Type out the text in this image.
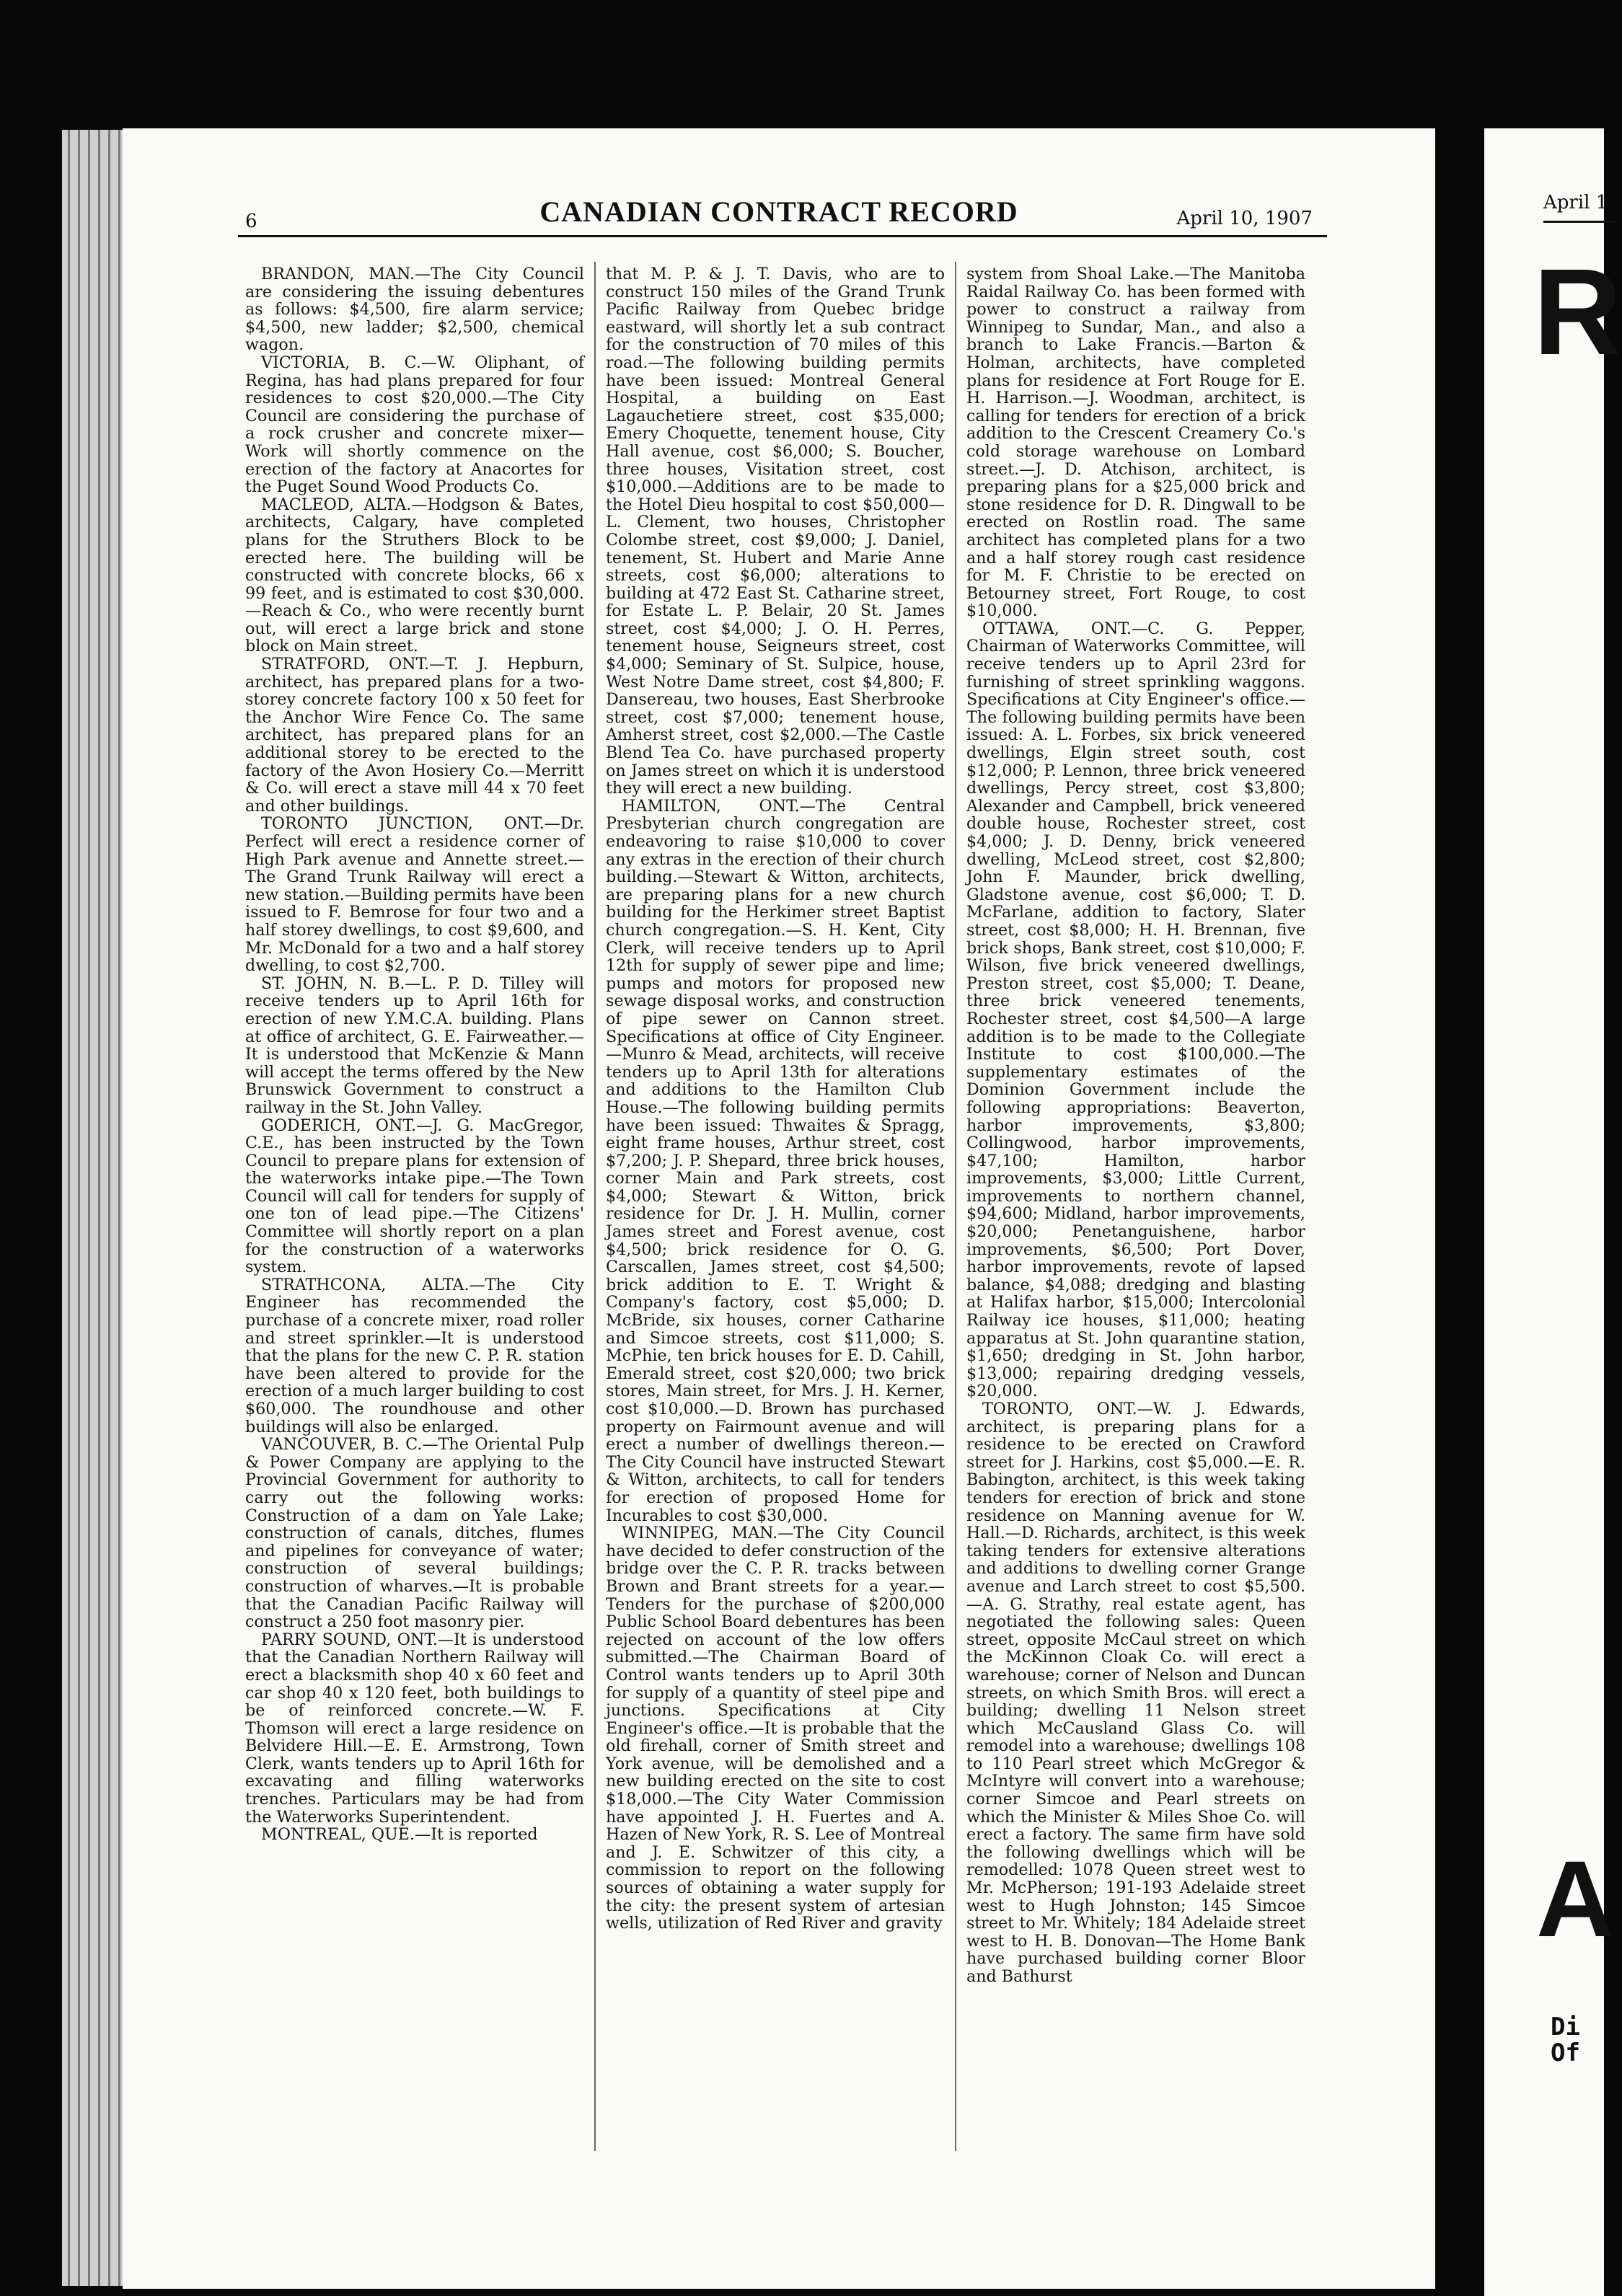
6	CANADIAN CONTRACT RECORD	April 10, 1907

BRANDON, MAN.—The City Council are considering the issuing debentures as follows: $4,500, fire alarm service; $4,500, new ladder; $2,500, chemical wagon.

VICTORIA, B. C.—W. Oliphant, of Regina, has had plans prepared for four residences to cost $20,000.—The City Council are considering the purchase of a rock crusher and concrete mixer—Work will shortly commence on the erection of the factory at Anacortes for the Puget Sound Wood Products Co.

MACLEOD, ALTA.—Hodgson & Bates, architects, Calgary, have completed plans for the Struthers Block to be erected here. The building will be constructed with concrete blocks, 66 x 99 feet, and is estimated to cost $30,000.—Reach & Co., who were recently burnt out, will erect a large brick and stone block on Main street.

STRATFORD, ONT.—T. J. Hepburn, architect, has prepared plans for a two-storey concrete factory 100 x 50 feet for the Anchor Wire Fence Co. The same architect, has prepared plans for an additional storey to be erected to the factory of the Avon Hosiery Co.—Merritt & Co. will erect a stave mill 44 x 70 feet and other buildings.

TORONTO JUNCTION, ONT.—Dr. Perfect will erect a residence corner of High Park avenue and Annette street.—The Grand Trunk Railway will erect a new station.—Building permits have been issued to F. Bemrose for four two and a half storey dwellings, to cost $9,600, and Mr. McDonald for a two and a half storey dwelling, to cost $2,700.

ST. JOHN, N. B.—L. P. D. Tilley will receive tenders up to April 16th for erection of new Y.M.C.A. building. Plans at office of architect, G. E. Fairweather.—It is understood that McKenzie & Mann will accept the terms offered by the New Brunswick Government to construct a railway in the St. John Valley.

GODERICH, ONT.—J. G. MacGregor, C.E., has been instructed by the Town Council to prepare plans for extension of the waterworks intake pipe.—The Town Council will call for tenders for supply of one ton of lead pipe.—The Citizens' Committee will shortly report on a plan for the construction of a waterworks system.

STRATHCONA, ALTA.—The City Engineer has recommended the purchase of a concrete mixer, road roller and street sprinkler.—It is understood that the plans for the new C. P. R. station have been altered to provide for the erection of a much larger building to cost $60,000. The roundhouse and other buildings will also be enlarged.

VANCOUVER, B. C.—The Oriental Pulp & Power Company are applying to the Provincial Government for authority to carry out the following works: Construction of a dam on Yale Lake; construction of canals, ditches, flumes and pipelines for conveyance of water; construction of several buildings; construction of wharves.—It is probable that the Canadian Pacific Railway will construct a 250 foot masonry pier.

PARRY SOUND, ONT.—It is understood that the Canadian Northern Railway will erect a blacksmith shop 40 x 60 feet and car shop 40 x 120 feet, both buildings to be of reinforced concrete.—W. F. Thomson will erect a large residence on Belvidere Hill.—E. E. Armstrong, Town Clerk, wants tenders up to April 16th for excavating and filling waterworks trenches. Particulars may be had from the Waterworks Superintendent.

MONTREAL, QUE.—It is reported

that M. P. & J. T. Davis, who are to construct 150 miles of the Grand Trunk Pacific Railway from Quebec bridge eastward, will shortly let a sub contract for the construction of 70 miles of this road.—The following building permits have been issued: Montreal General Hospital, a building on East Lagauchetiere street, cost $35,000; Emery Choquette, tenement house, City Hall avenue, cost $6,000; S. Boucher, three houses, Visitation street, cost $10,000.—Additions are to be made to the Hotel Dieu hospital to cost $50,000—L. Clement, two houses, Christopher Colombe street, cost $9,000; J. Daniel, tenement, St. Hubert and Marie Anne streets, cost $6,000; alterations to building at 472 East St. Catharine street, for Estate L. P. Belair, 20 St. James street, cost $4,000; J. O. H. Perres, tenement house, Seigneurs street, cost $4,000; Seminary of St. Sulpice, house, West Notre Dame street, cost $4,800; F. Dansereau, two houses, East Sherbrooke street, cost $7,000; tenement house, Amherst street, cost $2,000.—The Castle Blend Tea Co. have purchased property on James street on which it is understood they will erect a new building.

HAMILTON, ONT.—The Central Presbyterian church congregation are endeavoring to raise $10,000 to cover any extras in the erection of their church building.—Stewart & Witton, architects, are preparing plans for a new church building for the Herkimer street Baptist church congregation.—S. H. Kent, City Clerk, will receive tenders up to April 12th for supply of sewer pipe and lime; pumps and motors for proposed new sewage disposal works, and construction of pipe sewer on Cannon street. Specifications at office of City Engineer.—Munro & Mead, architects, will receive tenders up to April 13th for alterations and additions to the Hamilton Club House.—The following building permits have been issued: Thwaites & Spragg, eight frame houses, Arthur street, cost $7,200; J. P. Shepard, three brick houses, corner Main and Park streets, cost $4,000; Stewart & Witton, brick residence for Dr. J. H. Mullin, corner James street and Forest avenue, cost $4,500; brick residence for O. G. Carscallen, James street, cost $4,500; brick addition to E. T. Wright & Company's factory, cost $5,000; D. McBride, six houses, corner Catharine and Simcoe streets, cost $11,000; S. McPhie, ten brick houses for E. D. Cahill, Emerald street, cost $20,000; two brick stores, Main street, for Mrs. J. H. Kerner, cost $10,000.—D. Brown has purchased property on Fairmount avenue and will erect a number of dwellings thereon.—The City Council have instructed Stewart & Witton, architects, to call for tenders for erection of proposed Home for Incurables to cost $30,000.

WINNIPEG, MAN.—The City Council have decided to defer construction of the bridge over the C. P. R. tracks between Brown and Brant streets for a year.—Tenders for the purchase of $200,000 Public School Board debentures has been rejected on account of the low offers submitted.—The Chairman Board of Control wants tenders up to April 30th for supply of a quantity of steel pipe and junctions. Specifications at City Engineer's office.—It is probable that the old firehall, corner of Smith street and York avenue, will be demolished and a new building erected on the site to cost $18,000.—The City Water Commission have appointed J. H. Fuertes and A. Hazen of New York, R. S. Lee of Montreal and J. E. Schwitzer of this city, a commission to report on the following sources of obtaining a water supply for the city: the present system of artesian wells, utilization of Red River and gravity

system from Shoal Lake.—The Manitoba Raidal Railway Co. has been formed with power to construct a railway from Winnipeg to Sundar, Man., and also a branch to Lake Francis.—Barton & Holman, architects, have completed plans for residence at Fort Rouge for E. H. Harrison.—J. Woodman, architect, is calling for tenders for erection of a brick addition to the Crescent Creamery Co.'s cold storage warehouse on Lombard street.—J. D. Atchison, architect, is preparing plans for a $25,000 brick and stone residence for D. R. Dingwall to be erected on Rostlin road. The same architect has completed plans for a two and a half storey rough cast residence for M. F. Christie to be erected on Betourney street, Fort Rouge, to cost $10,000.

OTTAWA, ONT.—C. G. Pepper, Chairman of Waterworks Committee, will receive tenders up to April 23rd for furnishing of street sprinkling waggons. Specifications at City Engineer's office.—The following building permits have been issued: A. L. Forbes, six brick veneered dwellings, Elgin street south, cost $12,000; P. Lennon, three brick veneered dwellings, Percy street, cost $3,800; Alexander and Campbell, brick veneered double house, Rochester street, cost $4,000; J. D. Denny, brick veneered dwelling, McLeod street, cost $2,800; John F. Maunder, brick dwelling, Gladstone avenue, cost $6,000; T. D. McFarlane, addition to factory, Slater street, cost $8,000; H. H. Brennan, five brick shops, Bank street, cost $10,000; F. Wilson, five brick veneered dwellings, Preston street, cost $5,000; T. Deane, three brick veneered tenements, Rochester street, cost $4,500—A large addition is to be made to the Collegiate Institute to cost $100,000.—The supplementary estimates of the Dominion Government include the following appropriations: Beaverton, harbor improvements, $3,800; Collingwood, harbor improvements, $47,100; Hamilton, harbor improvements, $3,000; Little Current, improvements to northern channel, $94,600; Midland, harbor improvements, $20,000; Penetanguishene, harbor improvements, $6,500; Port Dover, harbor improvements, revote of lapsed balance, $4,088; dredging and blasting at Halifax harbor, $15,000; Intercolonial Railway ice houses, $11,000; heating apparatus at St. John quarantine station, $1,650; dredging in St. John harbor, $13,000; repairing dredging vessels, $20,000.

TORONTO, ONT.—W. J. Edwards, architect, is preparing plans for a residence to be erected on Crawford street for J. Harkins, cost $5,000.—E. R. Babington, architect, is this week taking tenders for erection of brick and stone residence on Manning avenue for W. Hall.—D. Richards, architect, is this week taking tenders for extensive alterations and additions to dwelling corner Grange avenue and Larch street to cost $5,500.—A. G. Strathy, real estate agent, has negotiated the following sales: Queen street, opposite McCaul street on which the McKinnon Cloak Co. will erect a warehouse; corner of Nelson and Duncan streets, on which Smith Bros. will erect a building; dwelling 11 Nelson street which McCausland Glass Co. will remodel into a warehouse; dwellings 108 to 110 Pearl street which McGregor & McIntyre will convert into a warehouse; corner Simcoe and Pearl streets on which the Minister & Miles Shoe Co. will erect a factory. The same firm have sold the following dwellings which will be remodelled: 1078 Queen street west to Mr. McPherson; 191-193 Adelaide street west to Hugh Johnston; 145 Simcoe street to Mr. Whitely; 184 Adelaide street west to H. B. Donovan—The Home Bank have purchased building corner Bloor and Bathurst

April 1
R
A
Di
Of
